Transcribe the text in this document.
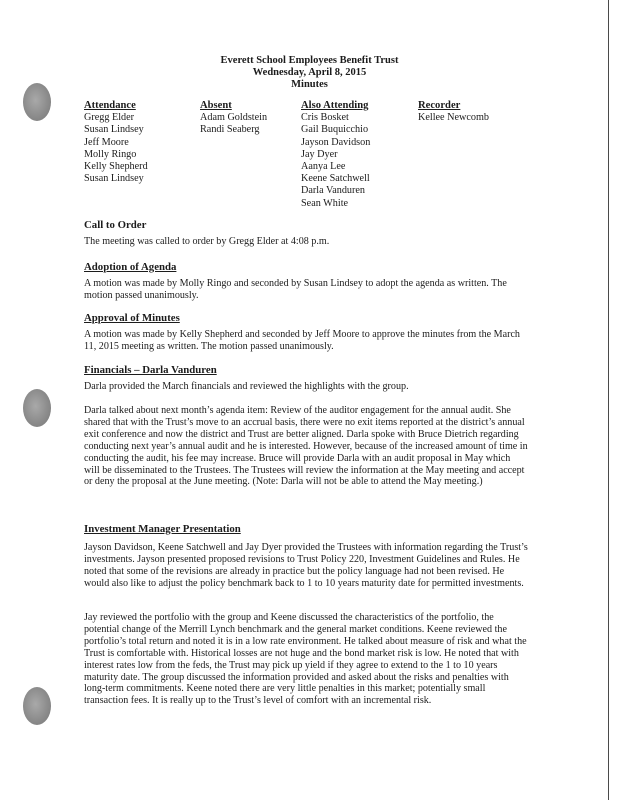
Everett School Employees Benefit Trust
Wednesday, April 8, 2015
Minutes
Attendance
Gregg Elder
Susan Lindsey
Jeff Moore
Molly Ringo
Kelly Shepherd
Susan Lindsey
Absent
Adam Goldstein
Randi Seaberg
Also Attending
Cris Bosket
Gail Buquicchio
Jayson Davidson
Jay Dyer
Aanya Lee
Keene Satchwell
Darla Vanduren
Sean White
Recorder
Kellee Newcomb
Call to Order
The meeting was called to order by Gregg Elder at 4:08 p.m.
Adoption of Agenda
A motion was made by Molly Ringo and seconded by Susan Lindsey to adopt the agenda as written. The motion passed unanimously.
Approval of Minutes
A motion was made by Kelly Shepherd and seconded by Jeff Moore to approve the minutes from the March 11, 2015 meeting as written. The motion passed unanimously.
Financials – Darla Vanduren
Darla provided the March financials and reviewed the highlights with the group.
Darla talked about next month’s agenda item: Review of the auditor engagement for the annual audit. She shared that with the Trust’s move to an accrual basis, there were no exit items reported at the district’s annual exit conference and now the district and Trust are better aligned. Darla spoke with Bruce Dietrich regarding conducting next year’s annual audit and he is interested. However, because of the increased amount of time in conducting the audit, his fee may increase. Bruce will provide Darla with an audit proposal in May which will be disseminated to the Trustees. The Trustees will review the information at the May meeting and accept or deny the proposal at the June meeting. (Note: Darla will not be able to attend the May meeting.)
Investment Manager Presentation
Jayson Davidson, Keene Satchwell and Jay Dyer provided the Trustees with information regarding the Trust’s investments. Jayson presented proposed revisions to Trust Policy 220, Investment Guidelines and Rules. He noted that some of the revisions are already in practice but the policy language had not been revised. He would also like to adjust the policy benchmark back to 1 to 10 years maturity date for permitted investments.
Jay reviewed the portfolio with the group and Keene discussed the characteristics of the portfolio, the potential change of the Merrill Lynch benchmark and the general market conditions. Keene reviewed the portfolio’s total return and noted it is in a low rate environment. He talked about measure of risk and what the Trust is comfortable with. Historical losses are not huge and the bond market risk is low. He noted that with interest rates low from the feds, the Trust may pick up yield if they agree to extend to the 1 to 10 years maturity date. The group discussed the information provided and asked about the risks and penalties with long-term commitments. Keene noted there are very little penalties in this market; potentially small transaction fees. It is really up to the Trust’s level of comfort with an incremental risk.
